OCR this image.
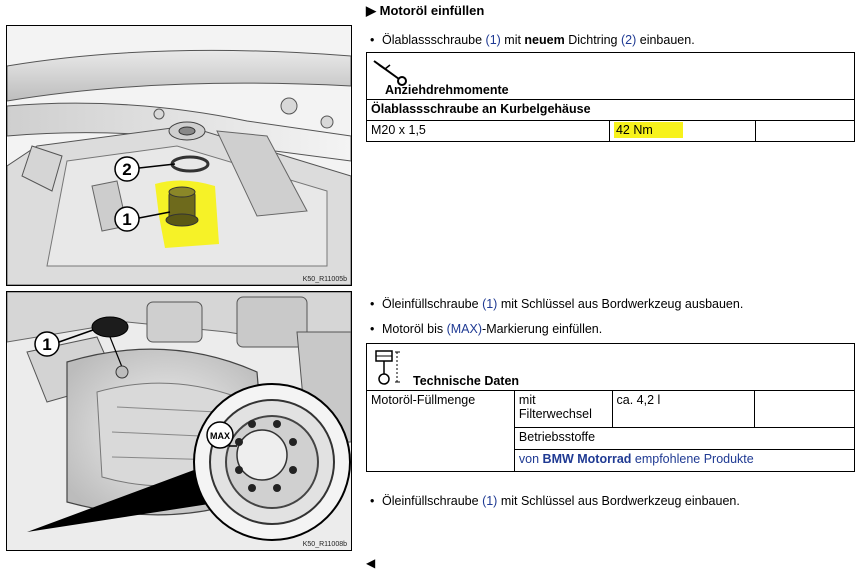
▶ Motoröl einfüllen
2
1
K50_R11005b
1
MAX
K50_R11008b
• Ölablassschraube (1) mit neuem Dichtring (2) einbauen.
Anziehdrehmomente
Ölablassschraube an Kurbelgehäuse
M20 x 1,5	42 Nm	
• Öleinfüllschraube (1) mit Schlüssel aus Bordwerkzeug ausbauen.
• Motoröl bis (MAX)-Markierung einfüllen.
Technische Daten
Motoröl-Füllmenge	mit Filterwechsel	ca. 4,2 l	
Betriebsstoffe
von BMW Motorrad empfohlene Produkte
• Öleinfüllschraube (1) mit Schlüssel aus Bordwerkzeug einbauen.
◀
